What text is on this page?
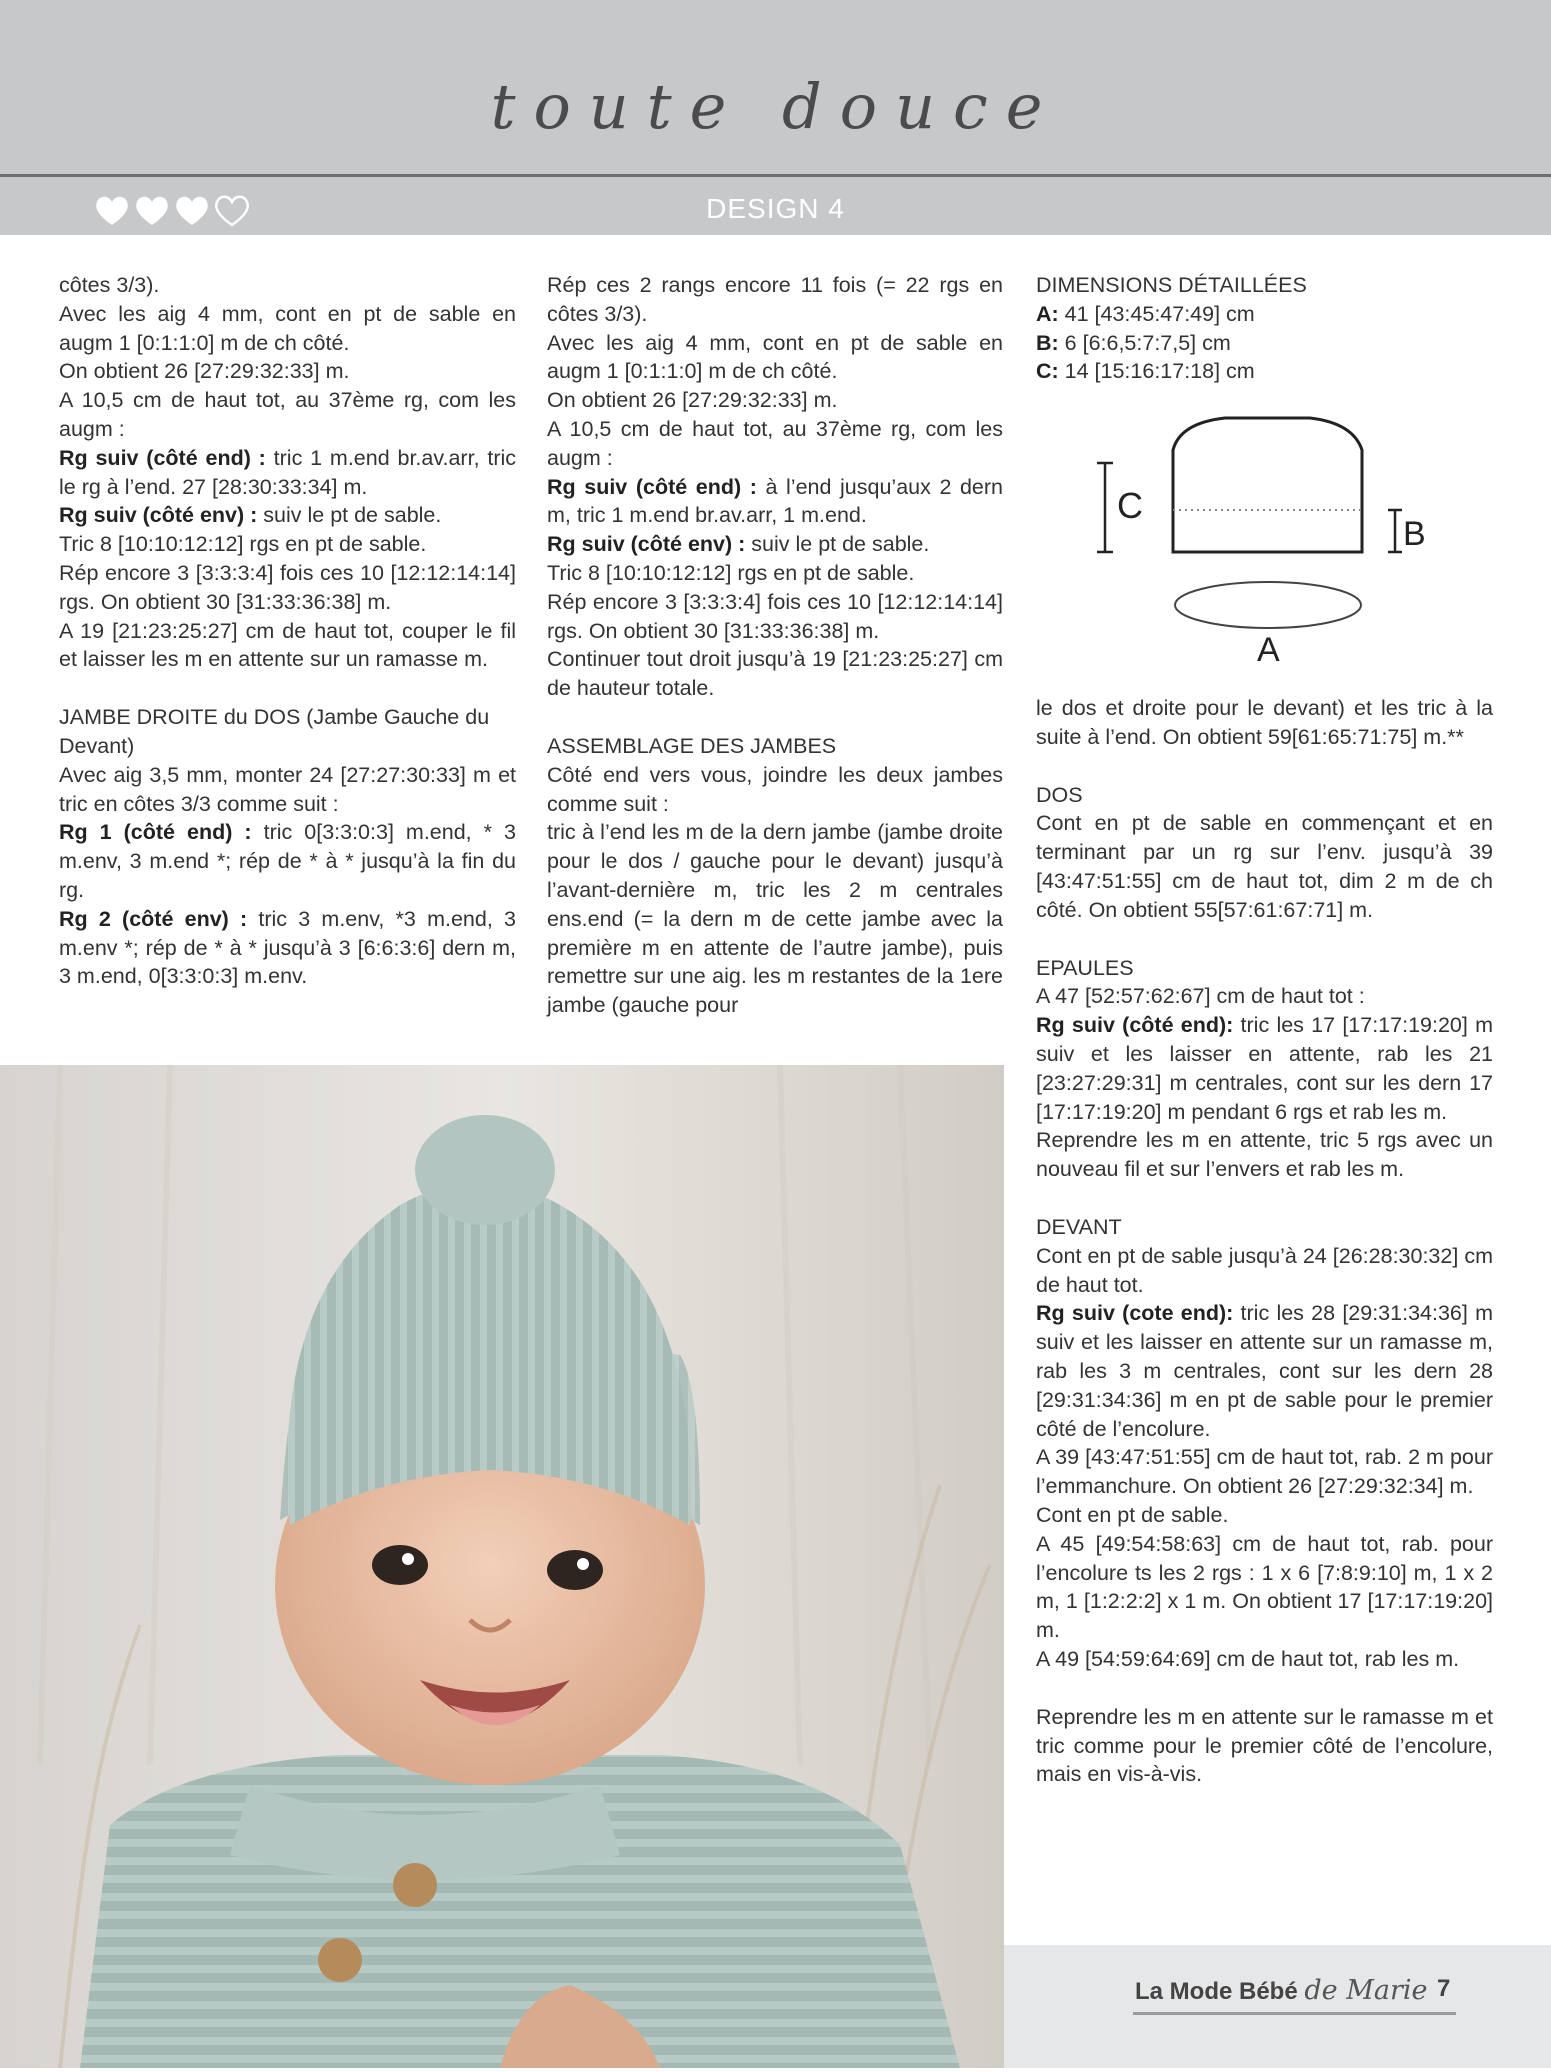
toute douce
DESIGN 4

côtes 3/3).

Avec les aig 4 mm, cont en pt de sable en augm 1 [0:1:1:0] m de ch côté.

On obtient 26 [27:29:32:33] m.

A 10,5 cm de haut tot, au 37ème rg, com les augm :

Rg suiv (côté end) : tric 1 m.end br.av.arr, tric le rg à l’end. 27 [28:30:33:34] m.

Rg suiv (côté env) : suiv le pt de sable.

Tric 8 [10:10:12:12] rgs en pt de sable.

Rép encore 3 [3:3:3:4] fois ces 10 [12:12:14:14] rgs. On obtient 30 [31:33:36:38] m.

A 19 [21:23:25:27] cm de haut tot, couper le fil et laisser les m en attente sur un ramasse m.

JAMBE DROITE du DOS (Jambe Gauche du Devant)

Avec aig 3,5 mm, monter 24 [27:27:30:33] m et tric en côtes 3/3 comme suit :

Rg 1 (côté end) : tric 0[3:3:0:3] m.end, * 3 m.env, 3 m.end *; rép de * à * jusqu’à la fin du rg.

Rg 2 (côté env) : tric 3 m.env, *3 m.end, 3 m.env *; rép de * à * jusqu’à 3 [6:6:3:6] dern m, 3 m.end, 0[3:3:0:3] m.env.

Rép ces 2 rangs encore 11 fois (= 22 rgs en côtes 3/3).

Avec les aig 4 mm, cont en pt de sable en augm 1 [0:1:1:0] m de ch côté.

On obtient 26 [27:29:32:33] m.

A 10,5 cm de haut tot, au 37ème rg, com les augm :

Rg suiv (côté end) : à l’end jusqu’aux 2 dern m, tric 1 m.end br.av.arr, 1 m.end.

Rg suiv (côté env) : suiv le pt de sable.

Tric 8 [10:10:12:12] rgs en pt de sable.

Rép encore 3 [3:3:3:4] fois ces 10 [12:12:14:14] rgs. On obtient 30 [31:33:36:38] m.

Continuer tout droit jusqu’à 19 [21:23:25:27] cm de hauteur totale.

ASSEMBLAGE DES JAMBES

Côté end vers vous, joindre les deux jambes comme suit :

tric à l’end les m de la dern jambe (jambe droite pour le dos / gauche pour le devant) jusqu’à l’avant-dernière m, tric les 2 m centrales ens.end (= la dern m de cette jambe avec la première m en attente de l’autre jambe), puis remettre sur une aig. les m restantes de la 1ere jambe (gauche pour

DIMENSIONS DÉTAILLÉES

A: 41 [43:45:47:49] cm

B: 6 [6:6,5:7:7,5] cm

C: 14 [15:16:17:18] cm

C
B
A

le dos et droite pour le devant) et les tric à la suite à l’end. On obtient 59[61:65:71:75] m.**

DOS

Cont en pt de sable en commençant et en terminant par un rg sur l’env. jusqu’à 39 [43:47:51:55] cm de haut tot, dim 2 m de ch côté. On obtient 55[57:61:67:71] m.

EPAULES

A 47 [52:57:62:67] cm de haut tot :

Rg suiv (côté end): tric les 17 [17:17:19:20] m suiv et les laisser en attente, rab les 21 [23:27:29:31] m centrales, cont sur les dern 17 [17:17:19:20] m pendant 6 rgs et rab les m.

Reprendre les m en attente, tric 5 rgs avec un nouveau fil et sur l’envers et rab les m.

DEVANT

Cont en pt de sable jusqu’à 24 [26:28:30:32] cm de haut tot.

Rg suiv (cote end): tric les 28 [29:31:34:36] m suiv et les laisser en attente sur un ramasse m, rab les 3 m centrales, cont sur les dern 28 [29:31:34:36] m en pt de sable pour le premier côté de l’encolure.

A 39 [43:47:51:55] cm de haut tot, rab. 2 m pour l’emmanchure. On obtient 26 [27:29:32:34] m.

Cont en pt de sable.

A 45 [49:54:58:63] cm de haut tot, rab. pour l’encolure ts les 2 rgs : 1 x 6 [7:8:9:10] m, 1 x 2 m, 1 [1:2:2:2] x 1 m. On obtient 17 [17:17:19:20] m.

A 49 [54:59:64:69] cm de haut tot, rab les m.

Reprendre les m en attente sur le ramasse m et tric comme pour le premier côté de l’encolure, mais en vis-à-vis.

La Mode Bébé de Marie 7
